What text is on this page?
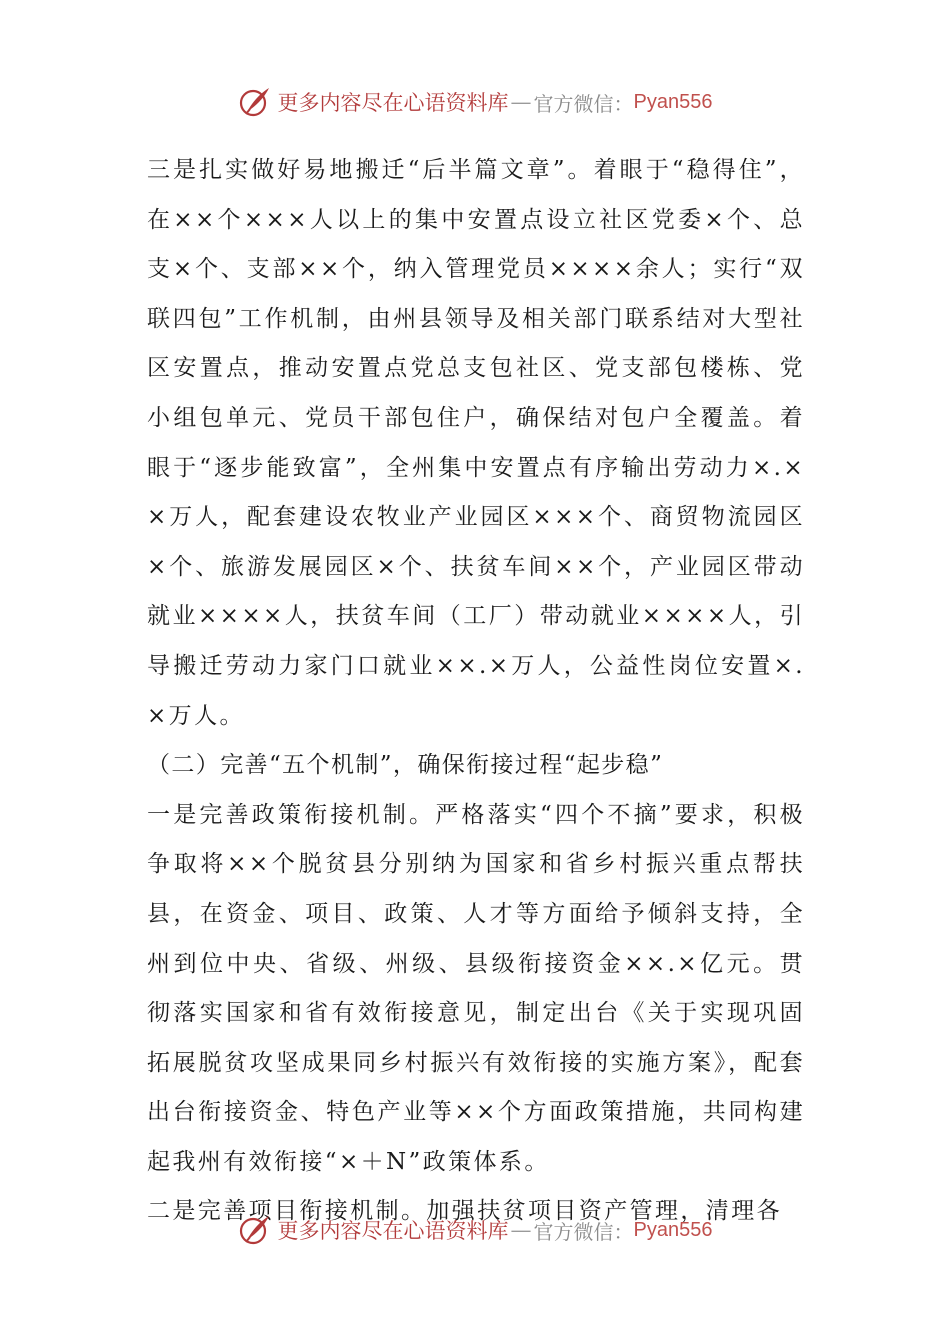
更多内容尽在心语资料库 — 官方微信： Pyan556

三是扎实做好易地搬迁“后半篇文章”。着眼于“稳得住”，在××个×××人以上的集中安置点设立社区党委×个、总支×个、支部××个，纳入管理党员××××余人；实行“双联四包”工作机制，由州县领导及相关部门联系结对大型社区安置点，推动安置点党总支包社区、党支部包楼栋、党小组包单元、党员干部包住户，确保结对包户全覆盖。着眼于“逐步能致富”，全州集中安置点有序输出劳动力×.××万人，配套建设农牧业产业园区×××个、商贸物流园区×个、旅游发展园区×个、扶贫车间××个，产业园区带动就业××××人，扶贫车间（工厂）带动就业××××人，引导搬迁劳动力家门口就业××.×万人，公益性岗位安置×.×万人。

（二）完善“五个机制”，确保衔接过程“起步稳”

一是完善政策衔接机制。严格落实“四个不摘”要求，积极争取将××个脱贫县分别纳为国家和省乡村振兴重点帮扶县，在资金、项目、政策、人才等方面给予倾斜支持，全州到位中央、省级、州级、县级衔接资金××.×亿元。贯彻落实国家和省有效衔接意见，制定出台《关于实现巩固拓展脱贫攻坚成果同乡村振兴有效衔接的实施方案》，配套出台衔接资金、特色产业等××个方面政策措施，共同构建起我州有效衔接“×＋N”政策体系。

二是完善项目衔接机制。加强扶贫项目资产管理，清理各

更多内容尽在心语资料库 — 官方微信： Pyan556
